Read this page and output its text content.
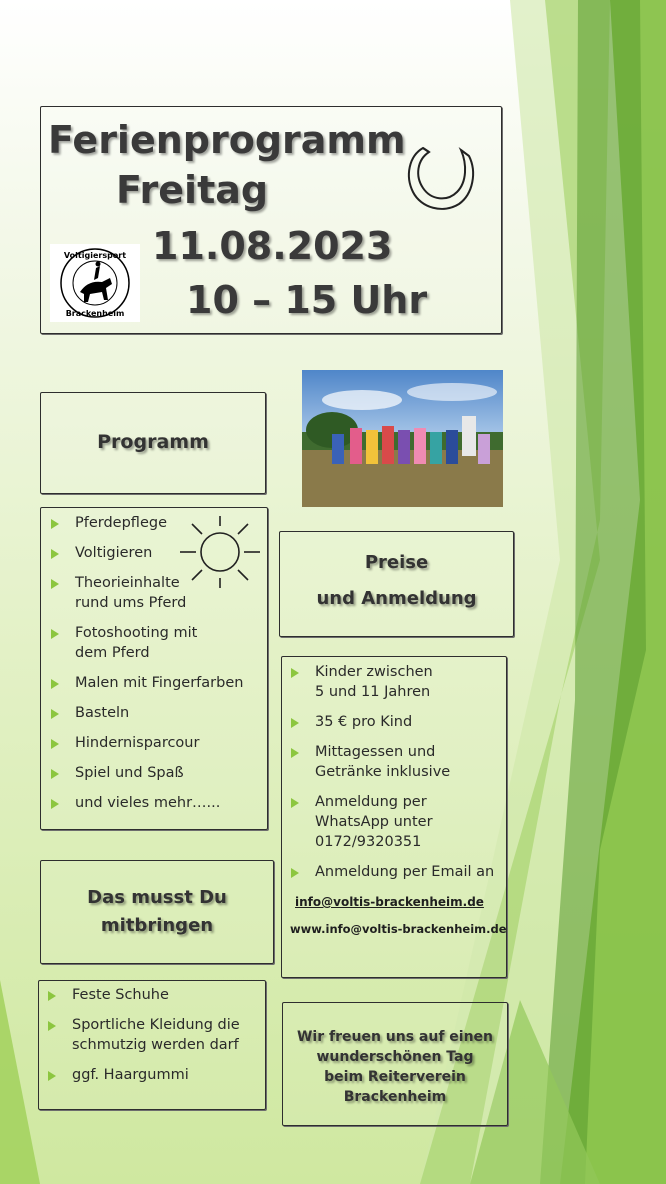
Ferienprogramm
Freitag
11.08.2023
10 – 15 Uhr
Voltigiersport
Brackenheim
Programm
Pferdepflege
Voltigieren
Theorieinhalte
rund ums Pferd
Fotoshooting mit
dem Pferd
Malen mit Fingerfarben
Basteln
Hindernisparcour
Spiel und Spaß
und vieles mehr…...
Preise
und Anmeldung
Kinder zwischen
5 und 11 Jahren
35 € pro Kind
Mittagessen und
Getränke inklusive
Anmeldung per
WhatsApp unter
0172/9320351
Anmeldung per Email an
info@voltis-brackenheim.de
www.info@voltis-brackenheim.de
Das musst Du
mitbringen
Feste Schuhe
Sportliche Kleidung die
schmutzig werden darf
ggf. Haargummi
Wir freuen uns auf einen
wunderschönen Tag
beim Reiterverein
Brackenheim
